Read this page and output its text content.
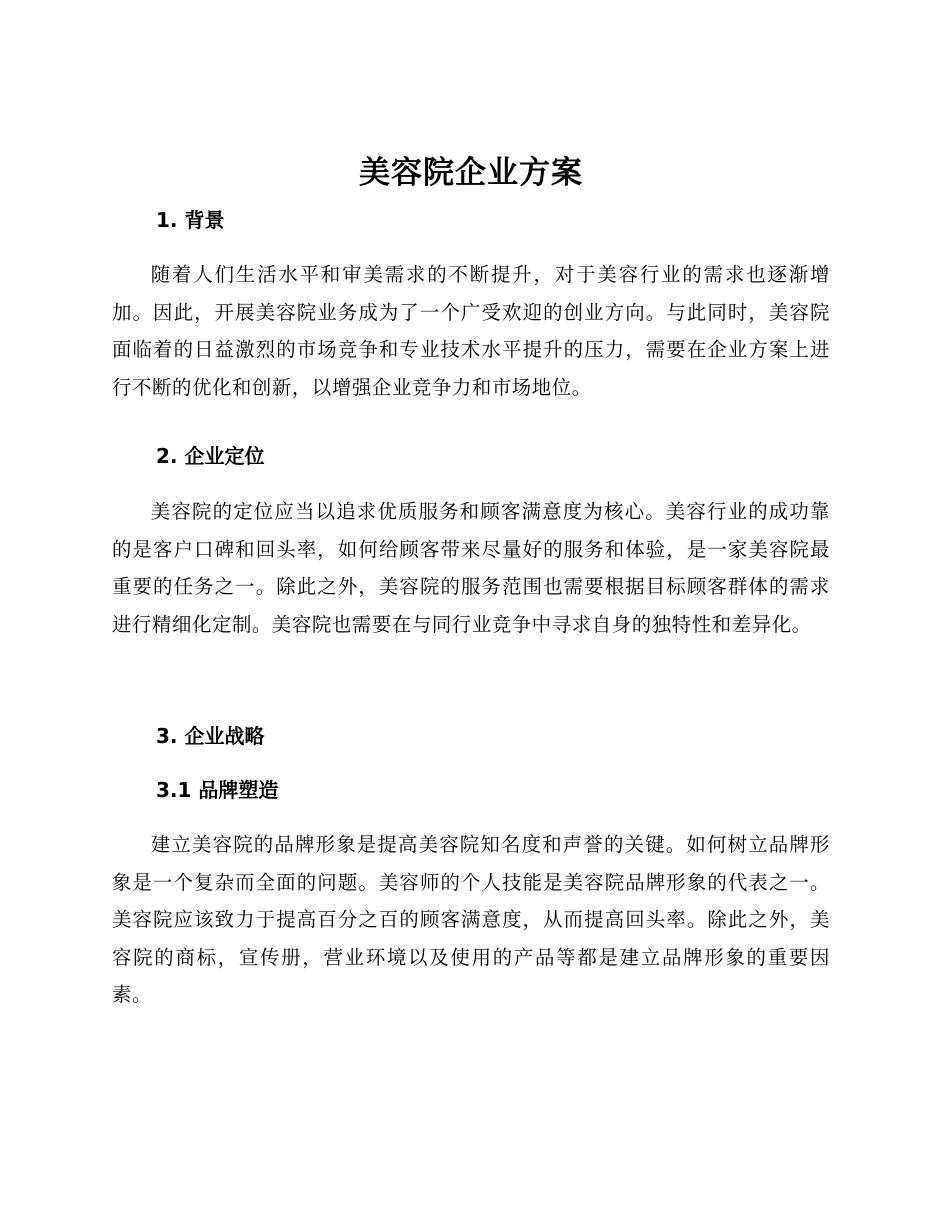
美容院企业方案
1. 背景

随着人们生活水平和审美需求的不断提升，对于美容行业的需求也逐渐增加。因此，开展美容院业务成为了一个广受欢迎的创业方向。与此同时，美容院面临着的日益激烈的市场竞争和专业技术水平提升的压力，需要在企业方案上进行不断的优化和创新，以增强企业竞争力和市场地位。

2. 企业定位

美容院的定位应当以追求优质服务和顾客满意度为核心。美容行业的成功靠的是客户口碑和回头率，如何给顾客带来尽量好的服务和体验，是一家美容院最重要的任务之一。除此之外，美容院的服务范围也需要根据目标顾客群体的需求进行精细化定制。美容院也需要在与同行业竞争中寻求自身的独特性和差异化。

3. 企业战略
3.1 品牌塑造

建立美容院的品牌形象是提高美容院知名度和声誉的关键。如何树立品牌形象是一个复杂而全面的问题。美容师的个人技能是美容院品牌形象的代表之一。美容院应该致力于提高百分之百的顾客满意度，从而提高回头率。除此之外，美容院的商标，宣传册，营业环境以及使用的产品等都是建立品牌形象的重要因素。
